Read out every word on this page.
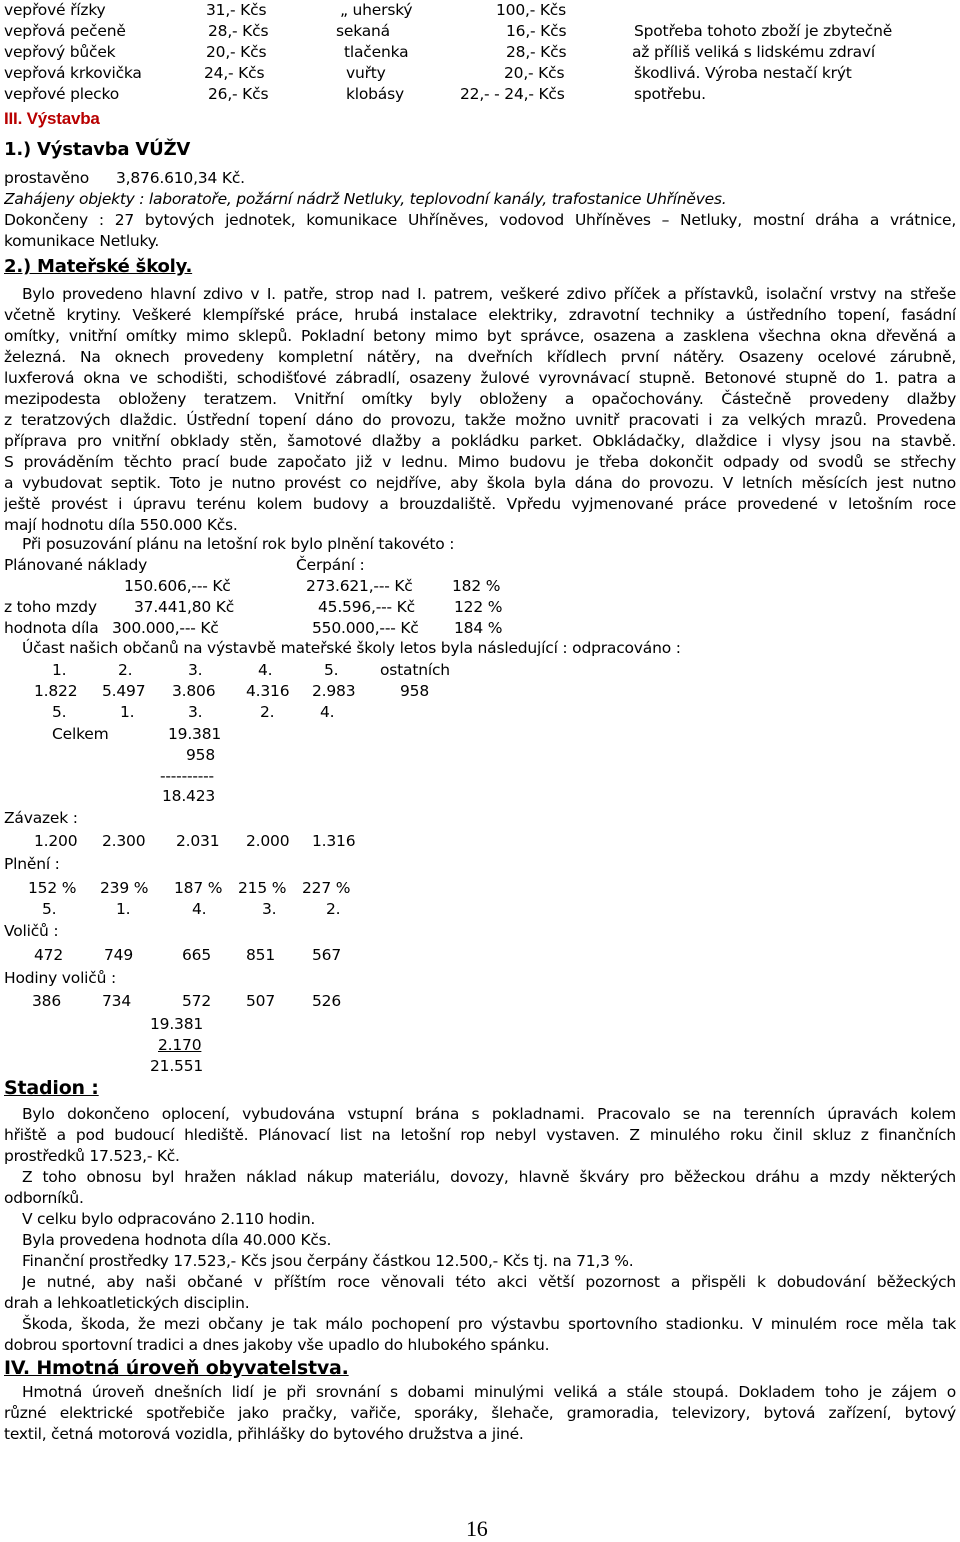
vepřové řízky	31,- Kčs	„ uherský	100,- Kčs
vepřová pečeně	28,- Kčs	sekaná	16,- Kčs
vepřový bůček	20,- Kčs	tlačenka	28,- Kčs
vepřová krkovička	24,- Kčs	vuřty	20,- Kčs
vepřové plecko	26,- Kčs	klobásy	22,- - 24,- Kčs
Spotřeba tohoto zboží je zbytečně
až příliš veliká s lidskému zdraví
škodlivá. Výroba nestačí krýt
spotřebu.
III. Výstavba
1.) Výstavba VÚŽV
prostavěno 3,876.610,34 Kč.
Zahájeny objekty : laboratoře, požární nádrž Netluky, teplovodní kanály, trafostanice Uhříněves.
Dokončeny : 27 bytových jednotek, komunikace Uhříněves, vodovod Uhříněves – Netluky, mostní dráha a vrátnice,
komunikace Netluky.
2.) Mateřské školy.
Bylo provedeno hlavní zdivo v I. patře, strop nad I. patrem, veškeré zdivo příček a přístavků, isolační vrstvy na střeše
včetně krytiny. Veškeré klempířské práce, hrubá instalace elektriky, zdravotní techniky a ústředního topení, fasádní
omítky, vnitřní omítky mimo sklepů. Pokladní betony mimo byt správce, osazena a zasklena všechna okna dřevěná a
železná. Na oknech provedeny kompletní nátěry, na dveřních křídlech první nátěry. Osazeny ocelové zárubně,
luxferová okna ve schodišti, schodišťové zábradlí, osazeny žulové vyrovnávací stupně. Betonové stupně do 1. patra a
mezipodesta obloženy teratzem. Vnitřní omítky byly obloženy a opačochovány. Částečně provedeny dlažby
z teratzových dlaždic. Ústřední topení dáno do provozu, takže možno uvnitř pracovati i za velkých mrazů. Provedena
příprava pro vnitřní obklady stěn, šamotové dlažby a pokládku parket. Obkládačky, dlaždice i vlysy jsou na stavbě.
S prováděním těchto prací bude započato již v lednu. Mimo budovu je třeba dokončit odpady od svodů se střechy
a vybudovat septik. Toto je nutno provést co nejdříve, aby škola byla dána do provozu. V letních měsících jest nutno
ještě provést i úpravu terénu kolem budovy a brouzdaliště. Vpředu vyjmenované práce provedené v letošním roce
mají hodnotu díla 550.000 Kčs.
Při posuzování plánu na letošní rok bylo plnění takovéto :
Plánované náklady	Čerpání :
150.606,--- Kč	273.621,--- Kč	182 %
z toho mzdy 37.441,80 Kč	45.596,--- Kč	122 %
hodnota díla 300.000,--- Kč	550.000,--- Kč 184 %
Účast našich občanů na výstavbě mateřské školy letos byla následující : odpracováno :
1.	2.	3.	4.	5.	ostatních
1.822 5.497 3.806 4.316 2.983	958
5.	1.	3.	2.	4.
Celkem	19.381
958
----------
18.423
Závazek :
1.200 2.300 2.031 2.000 1.316
Plnění :
152 % 239 % 187 % 215 % 227 %
5.	1.	4.	3.	2.
Voličů :
472	749	665 851 567
Hodiny voličů :
386	734	572 507 526
19.381
2.170
21.551
Stadion :
Bylo dokončeno oplocení, vybudována vstupní brána s pokladnami. Pracovalo se na terenních úpravách kolem
hřiště a pod budoucí hlediště. Plánovací list na letošní rop nebyl vystaven. Z minulého roku činil skluz z finančních
prostředků 17.523,- Kč.
Z toho obnosu byl hražen náklad nákup materiálu, dovozy, hlavně škváry pro běžeckou dráhu a mzdy některých
odborníků.
V celku bylo odpracováno 2.110 hodin.
Byla provedena hodnota díla 40.000 Kčs.
Finanční prostředky 17.523,- Kčs jsou čerpány částkou 12.500,- Kčs tj. na 71,3 %.
Je nutné, aby naši občané v příštím roce věnovali této akci větší pozornost a přispěli k dobudování běžeckých
drah a lehkoatletických disciplin.
Škoda, škoda, že mezi občany je tak málo pochopení pro výstavbu sportovního stadionku. V minulém roce měla tak
dobrou sportovní tradici a dnes jakoby vše upadlo do hlubokého spánku.
IV. Hmotná úroveň obyvatelstva.
Hmotná úroveň dnešních lidí je při srovnání s dobami minulými veliká a stále stoupá. Dokladem toho je zájem o
různé elektrické spotřebiče jako pračky, vařiče, sporáky, šlehače, gramoradia, televizory, bytová zařízení, bytový
textil, četná motorová vozidla, přihlášky do bytového družstva a jiné.
16
